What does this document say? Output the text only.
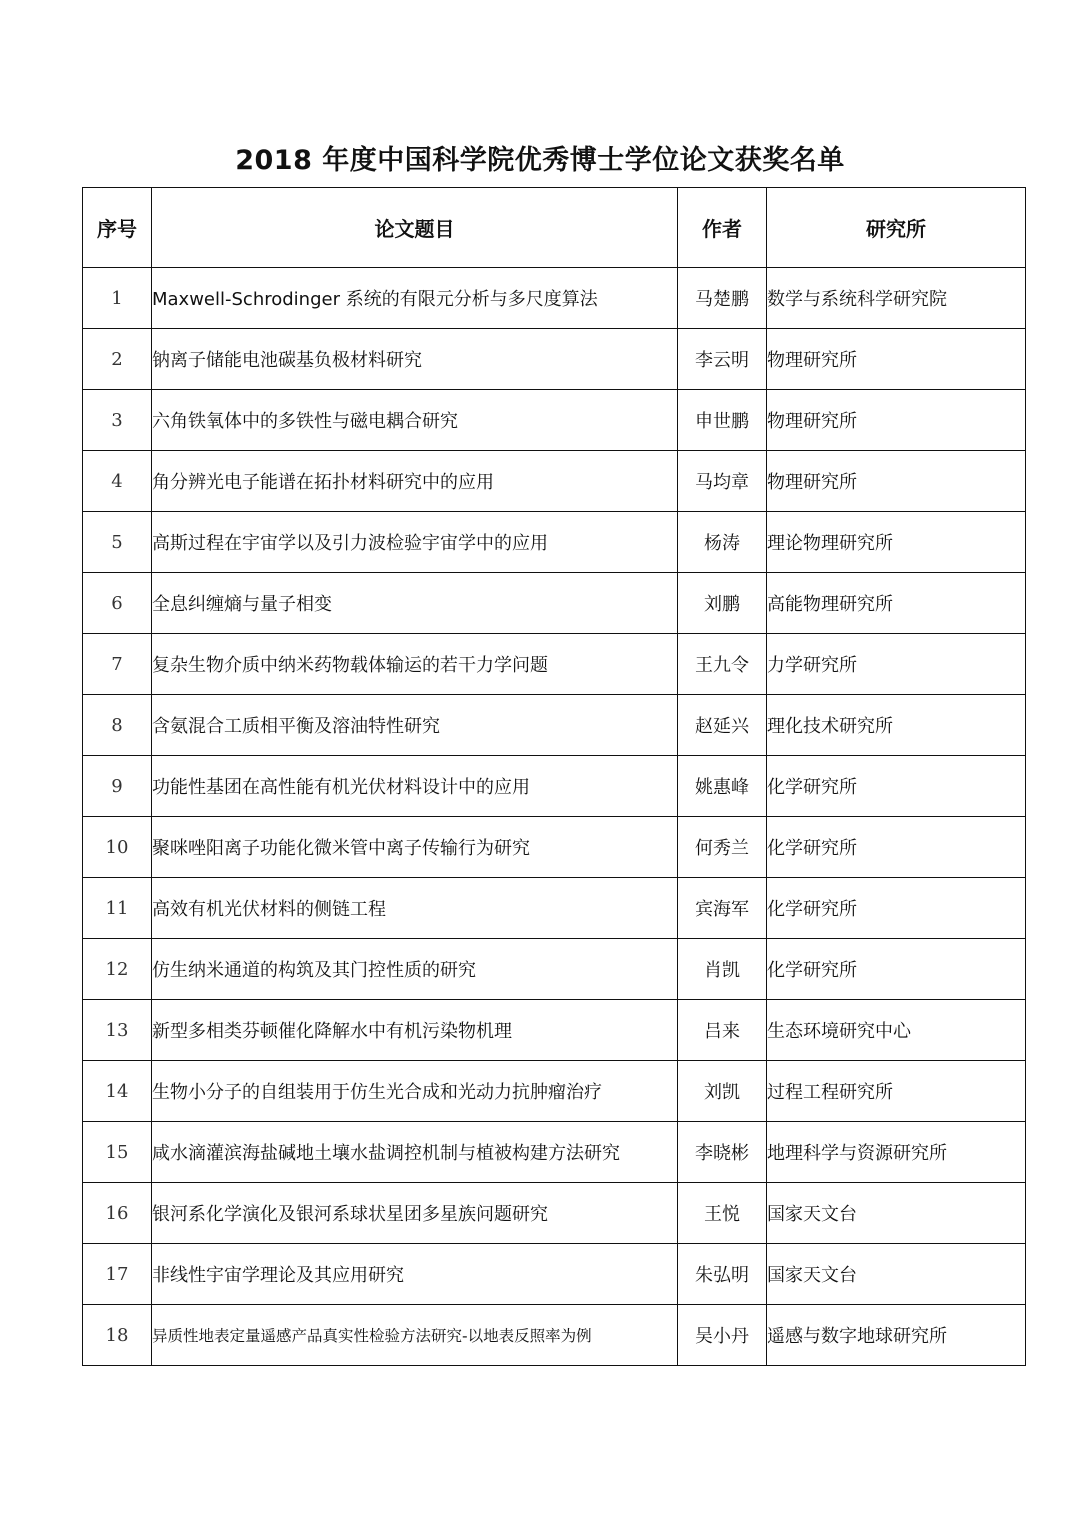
2018 年度中国科学院优秀博士学位论文获奖名单
序号	论文题目	作者	研究所
1	Maxwell-Schrodinger 系统的有限元分析与多尺度算法	马楚鹏	数学与系统科学研究院
2	钠离子储能电池碳基负极材料研究	李云明	物理研究所
3	六角铁氧体中的多铁性与磁电耦合研究	申世鹏	物理研究所
4	角分辨光电子能谱在拓扑材料研究中的应用	马均章	物理研究所
5	高斯过程在宇宙学以及引力波检验宇宙学中的应用	杨涛	理论物理研究所
6	全息纠缠熵与量子相变	刘鹏	高能物理研究所
7	复杂生物介质中纳米药物载体输运的若干力学问题	王九令	力学研究所
8	含氨混合工质相平衡及溶油特性研究	赵延兴	理化技术研究所
9	功能性基团在高性能有机光伏材料设计中的应用	姚惠峰	化学研究所
10	聚咪唑阳离子功能化微米管中离子传输行为研究	何秀兰	化学研究所
11	高效有机光伏材料的侧链工程	宾海军	化学研究所
12	仿生纳米通道的构筑及其门控性质的研究	肖凯	化学研究所
13	新型多相类芬顿催化降解水中有机污染物机理	吕来	生态环境研究中心
14	生物小分子的自组装用于仿生光合成和光动力抗肿瘤治疗	刘凯	过程工程研究所
15	咸水滴灌滨海盐碱地土壤水盐调控机制与植被构建方法研究	李晓彬	地理科学与资源研究所
16	银河系化学演化及银河系球状星团多星族问题研究	王悦	国家天文台
17	非线性宇宙学理论及其应用研究	朱弘明	国家天文台
18	异质性地表定量遥感产品真实性检验方法研究-以地表反照率为例	吴小丹	遥感与数字地球研究所
